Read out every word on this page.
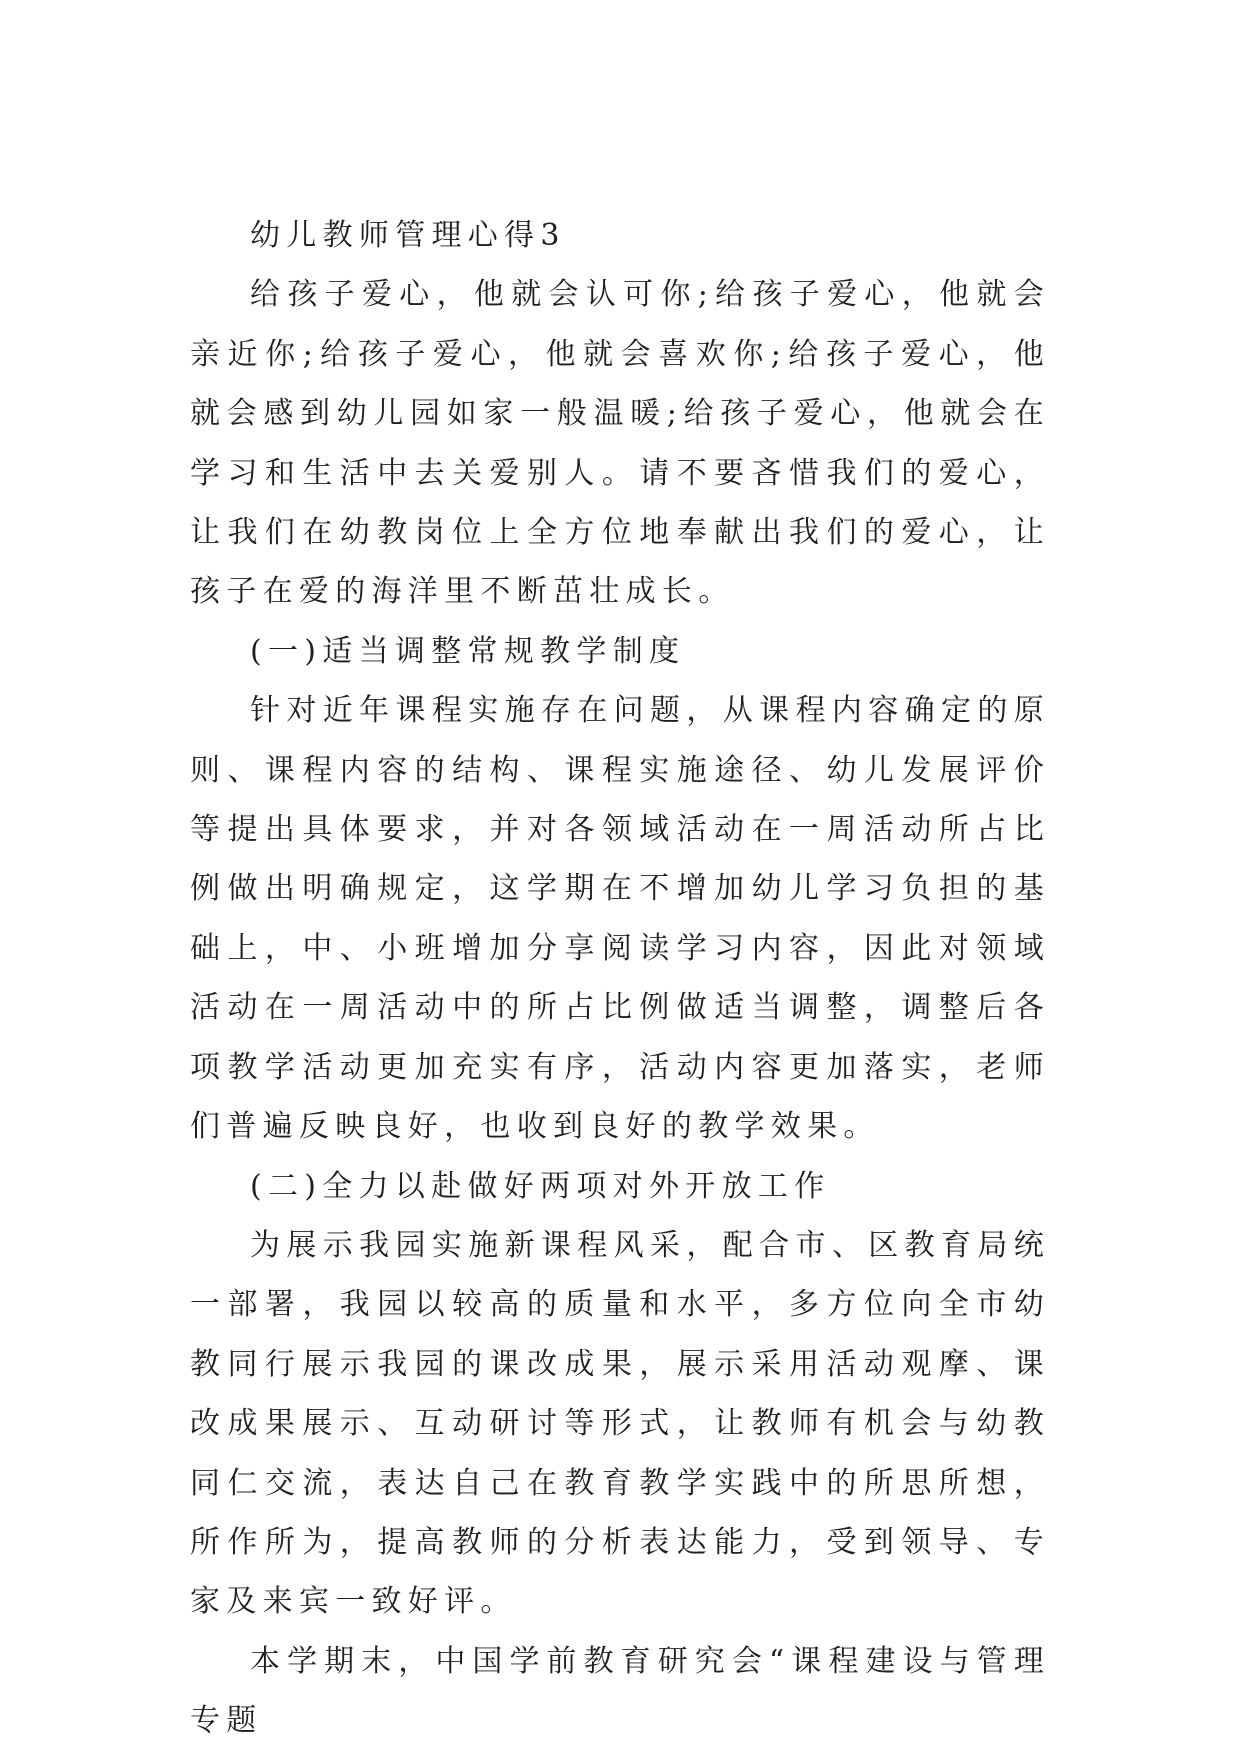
幼儿教师管理心得3

给孩子爱心，他就会认可你;给孩子爱心，他就会亲近你;给孩子爱心，他就会喜欢你;给孩子爱心，他就会感到幼儿园如家一般温暖;给孩子爱心，他就会在学习和生活中去关爱别人。请不要吝惜我们的爱心，让我们在幼教岗位上全方位地奉献出我们的爱心，让孩子在爱的海洋里不断茁壮成长。

(一)适当调整常规教学制度

针对近年课程实施存在问题，从课程内容确定的原则、课程内容的结构、课程实施途径、幼儿发展评价等提出具体要求，并对各领域活动在一周活动所占比例做出明确规定，这学期在不增加幼儿学习负担的基础上，中、小班增加分享阅读学习内容，因此对领域活动在一周活动中的所占比例做适当调整，调整后各项教学活动更加充实有序，活动内容更加落实，老师们普遍反映良好，也收到良好的教学效果。

(二)全力以赴做好两项对外开放工作

为展示我园实施新课程风采，配合市、区教育局统一部署，我园以较高的质量和水平，多方位向全市幼教同行展示我园的课改成果，展示采用活动观摩、课改成果展示、互动研讨等形式，让教师有机会与幼教同仁交流，表达自己在教育教学实践中的所思所想，所作所为，提高教师的分析表达能力，受到领导、专家及来宾一致好评。

本学期末，中国学前教育研究会“课程建设与管理专题
